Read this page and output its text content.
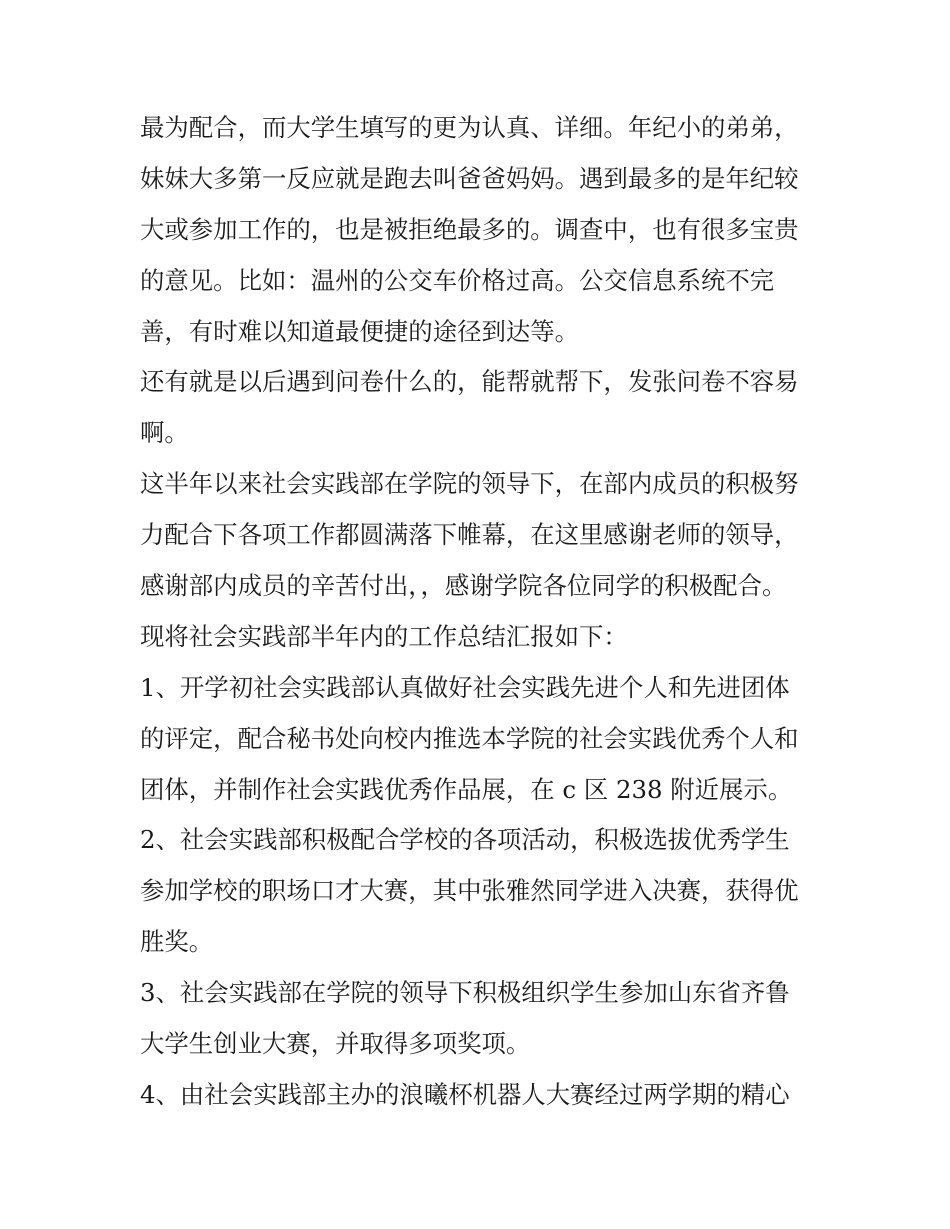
最为配合，而大学生填写的更为认真、详细。年纪小的弟弟，
妹妹大多第一反应就是跑去叫爸爸妈妈。遇到最多的是年纪较
大或参加工作的，也是被拒绝最多的。调查中，也有很多宝贵
的意见。比如：温州的公交车价格过高。公交信息系统不完
善，有时难以知道最便捷的途径到达等。
还有就是以后遇到问卷什么的，能帮就帮下，发张问卷不容易
啊。
这半年以来社会实践部在学院的领导下，在部内成员的积极努
力配合下各项工作都圆满落下帷幕，在这里感谢老师的领导，
感谢部内成员的辛苦付出，，感谢学院各位同学的积极配合。
现将社会实践部半年内的工作总结汇报如下：
1、开学初社会实践部认真做好社会实践先进个人和先进团体
的评定，配合秘书处向校内推选本学院的社会实践优秀个人和
团体，并制作社会实践优秀作品展，在 c 区 238 附近展示。
2、社会实践部积极配合学校的各项活动，积极选拔优秀学生
参加学校的职场口才大赛，其中张雅然同学进入决赛，获得优
胜奖。
3、社会实践部在学院的领导下积极组织学生参加山东省齐鲁
大学生创业大赛，并取得多项奖项。
4、由社会实践部主办的浪曦杯机器人大赛经过两学期的精心
